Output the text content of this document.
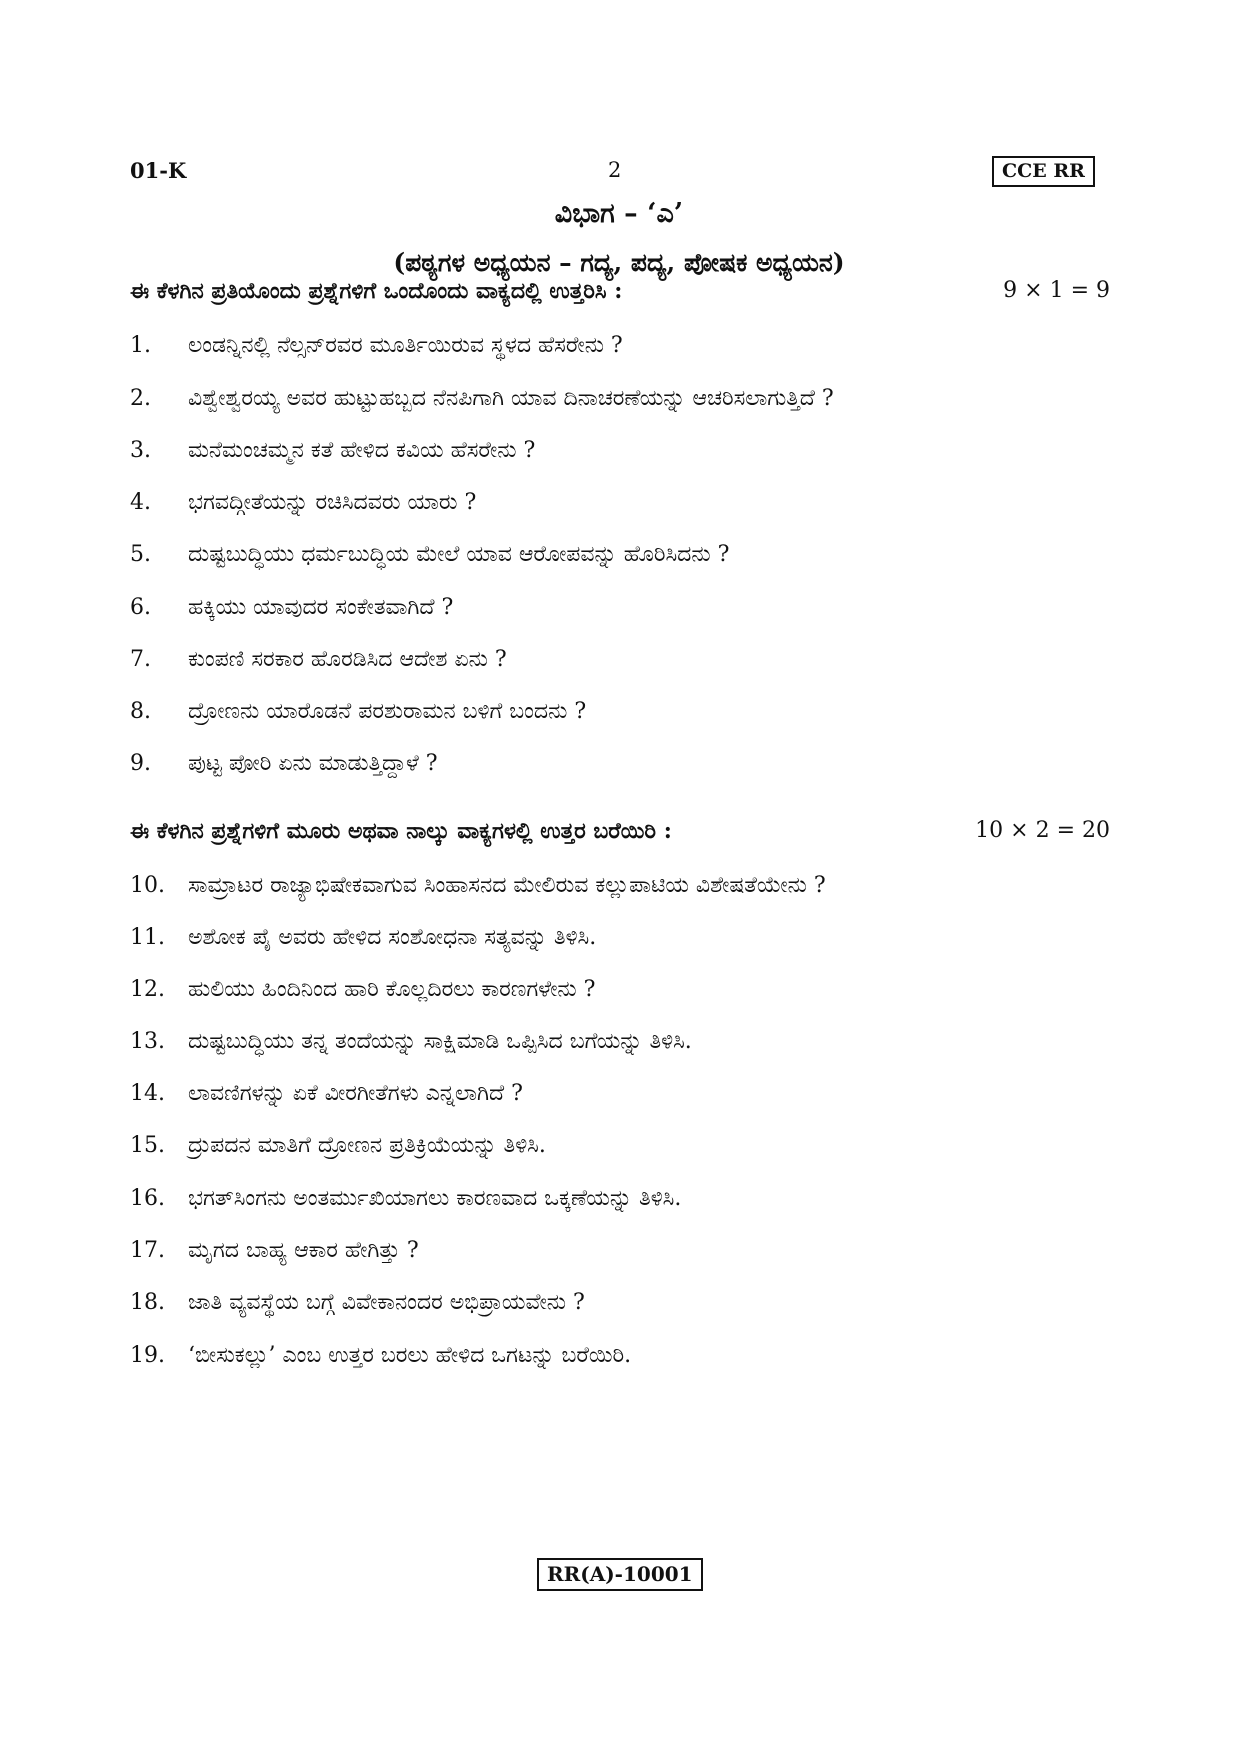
01-K	2	CCE RR
ವಿಭಾಗ – ‘ಎ’
(ಪಠ್ಯಗಳ ಅಧ್ಯಯನ – ಗದ್ಯ, ಪದ್ಯ, ಪೋಷಕ ಅಧ್ಯಯನ)
ಈ ಕೆಳಗಿನ ಪ್ರತಿಯೊಂದು ಪ್ರಶ್ನೆಗಳಿಗೆ ಒಂದೊಂದು ವಾಕ್ಯದಲ್ಲಿ ಉತ್ತರಿಸಿ :	9 × 1 = 9
1. ಲಂಡನ್ನಿನಲ್ಲಿ ನೆಲ್ಸನ್‌ರವರ ಮೂರ್ತಿಯಿರುವ ಸ್ಥಳದ ಹೆಸರೇನು ?
2. ವಿಶ್ವೇಶ್ವರಯ್ಯ ಅವರ ಹುಟ್ಟುಹಬ್ಬದ ನೆನಪಿಗಾಗಿ ಯಾವ ದಿನಾಚರಣೆಯನ್ನು ಆಚರಿಸಲಾಗುತ್ತಿದೆ ?
3. ಮನೆಮಂಚಮ್ಮನ ಕತೆ ಹೇಳಿದ ಕವಿಯ ಹೆಸರೇನು ?
4. ಭಗವದ್ಗೀತೆಯನ್ನು ರಚಿಸಿದವರು ಯಾರು ?
5. ದುಷ್ಟಬುದ್ಧಿಯು ಧರ್ಮಬುದ್ಧಿಯ ಮೇಲೆ ಯಾವ ಆರೋಪವನ್ನು ಹೊರಿಸಿದನು ?
6. ಹಕ್ಕಿಯು ಯಾವುದರ ಸಂಕೇತವಾಗಿದೆ ?
7. ಕುಂಪಣಿ ಸರಕಾರ ಹೊರಡಿಸಿದ ಆದೇಶ ಏನು ?
8. ದ್ರೋಣನು ಯಾರೊಡನೆ ಪರಶುರಾಮನ ಬಳಿಗೆ ಬಂದನು ?
9. ಪುಟ್ಟ ಪೋರಿ ಏನು ಮಾಡುತ್ತಿದ್ದಾಳೆ ?
ಈ ಕೆಳಗಿನ ಪ್ರಶ್ನೆಗಳಿಗೆ ಮೂರು ಅಥವಾ ನಾಲ್ಕು ವಾಕ್ಯಗಳಲ್ಲಿ ಉತ್ತರ ಬರೆಯಿರಿ :	10 × 2 = 20
10. ಸಾಮ್ರಾಟರ ರಾಜ್ಯಾಭಿಷೇಕವಾಗುವ ಸಿಂಹಾಸನದ ಮೇಲಿರುವ ಕಲ್ಲುಪಾಟಿಯ ವಿಶೇಷತೆಯೇನು ?
11. ಅಶೋಕ ಪೈ ಅವರು ಹೇಳಿದ ಸಂಶೋಧನಾ ಸತ್ಯವನ್ನು ತಿಳಿಸಿ.
12. ಹುಲಿಯು ಹಿಂದಿನಿಂದ ಹಾರಿ ಕೊಲ್ಲದಿರಲು ಕಾರಣಗಳೇನು ?
13. ದುಷ್ಟಬುದ್ಧಿಯು ತನ್ನ ತಂದೆಯನ್ನು ಸಾಕ್ಷಿಮಾಡಿ ಒಪ್ಪಿಸಿದ ಬಗೆಯನ್ನು ತಿಳಿಸಿ.
14. ಲಾವಣಿಗಳನ್ನು ಏಕೆ ವೀರಗೀತೆಗಳು ಎನ್ನಲಾಗಿದೆ ?
15. ದ್ರುಪದನ ಮಾತಿಗೆ ದ್ರೋಣನ ಪ್ರತಿಕ್ರಿಯೆಯನ್ನು ತಿಳಿಸಿ.
16. ಭಗತ್‌ಸಿಂಗನು ಅಂತರ್ಮುಖಿಯಾಗಲು ಕಾರಣವಾದ ಒಕ್ಕಣೆಯನ್ನು ತಿಳಿಸಿ.
17. ಮೃಗದ ಬಾಹ್ಯ ಆಕಾರ ಹೇಗಿತ್ತು ?
18. ಜಾತಿ ವ್ಯವಸ್ಥೆಯ ಬಗ್ಗೆ ವಿವೇಕಾನಂದರ ಅಭಿಪ್ರಾಯವೇನು ?
19. ‘ಬೀಸುಕಲ್ಲು’ ಎಂಬ ಉತ್ತರ ಬರಲು ಹೇಳಿದ ಒಗಟನ್ನು ಬರೆಯಿರಿ.
RR(A)-10001
